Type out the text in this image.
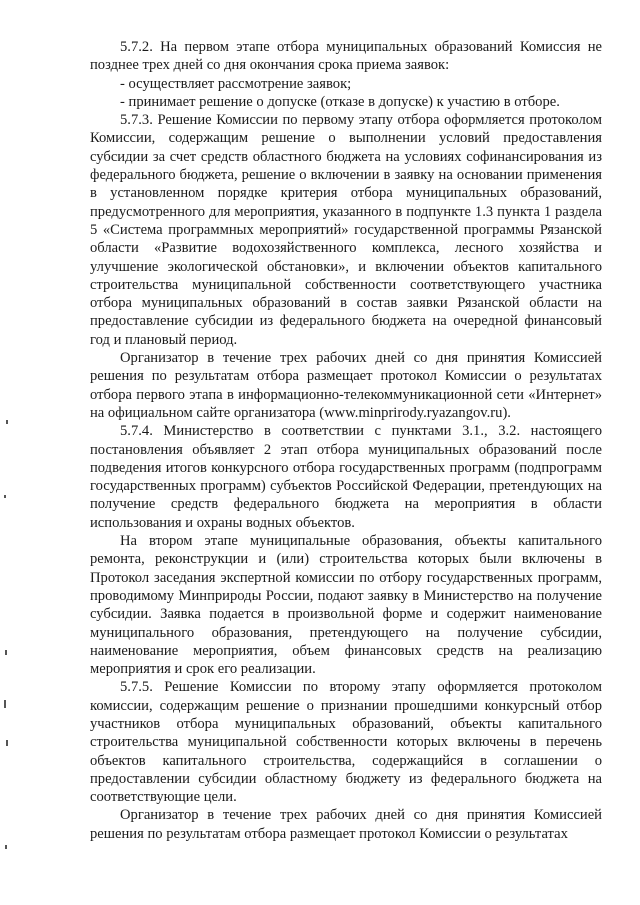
5.7.2. На первом этапе отбора муниципальных образований Комиссия не позднее трех дней со дня окончания срока приема заявок:

- осуществляет рассмотрение заявок;

- принимает решение о допуске (отказе в допуске) к участию в отборе.

5.7.3. Решение Комиссии по первому этапу отбора оформляется протоколом Комиссии, содержащим решение о выполнении условий предоставления субсидии за счет средств областного бюджета на условиях софинансирования из федерального бюджета, решение о включении в заявку на основании применения в установленном порядке критерия отбора муниципальных образований, предусмотренного для мероприятия, указанного в подпункте 1.3 пункта 1 раздела 5 «Система программных мероприятий» государственной программы Рязанской области «Развитие водохозяйственного комплекса, лесного хозяйства и улучшение экологической обстановки», и включении объектов капитального строительства муниципальной собственности соответствующего участника отбора муниципальных образований в состав заявки Рязанской области на предоставление субсидии из федерального бюджета на очередной финансовый год и плановый период.

Организатор в течение трех рабочих дней со дня принятия Комиссией решения по результатам отбора размещает протокол Комиссии о результатах отбора первого этапа в информационно-телекоммуникационной сети «Интернет» на официальном сайте организатора (www.minprirody.ryazangov.ru).

5.7.4. Министерство в соответствии с пунктами 3.1., 3.2. настоящего постановления объявляет 2 этап отбора муниципальных образований после подведения итогов конкурсного отбора государственных программ (подпрограмм государственных программ) субъектов Российской Федерации, претендующих на получение средств федерального бюджета на мероприятия в области использования и охраны водных объектов.

На втором этапе муниципальные образования, объекты капитального ремонта, реконструкции и (или) строительства которых были включены в Протокол заседания экспертной комиссии по отбору государственных программ, проводимому Минприроды России, подают заявку в Министерство на получение субсидии. Заявка подается в произвольной форме и содержит наименование муниципального образования, претендующего на получение субсидии, наименование мероприятия, объем финансовых средств на реализацию мероприятия и срок его реализации.

5.7.5. Решение Комиссии по второму этапу оформляется протоколом комиссии, содержащим решение о признании прошедшими конкурсный отбор участников отбора муниципальных образований, объекты капитального строительства муниципальной собственности которых включены в перечень объектов капитального строительства, содержащийся в соглашении о предоставлении субсидии областному бюджету из федерального бюджета на соответствующие цели.

Организатор в течение трех рабочих дней со дня принятия Комиссией решения по результатам отбора размещает протокол Комиссии о результатах
